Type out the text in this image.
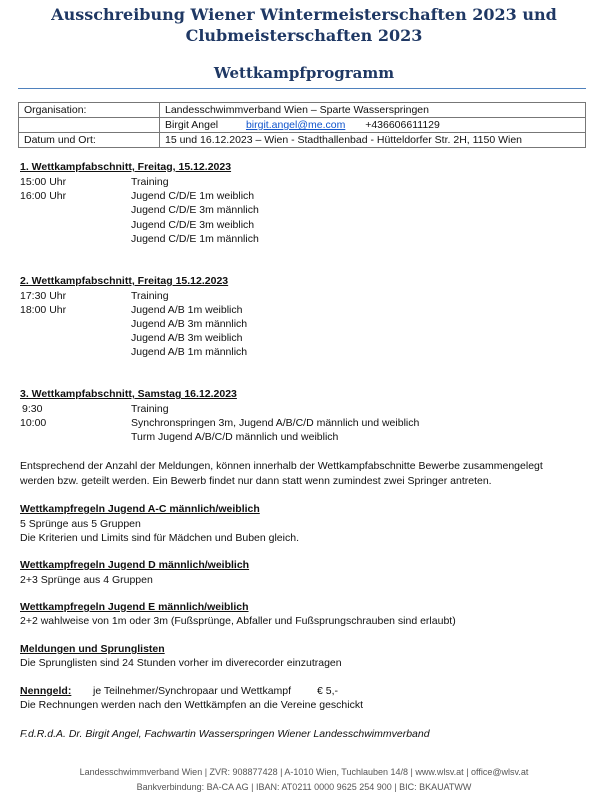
Ausschreibung Wiener Wintermeisterschaften 2023 und
Clubmeisterschaften 2023
Wettkampfprogramm
Organisation:	Landesschwimmverband Wien – Sparte Wasserspringen
	Birgit Angel birgit.angel@me.com +436606611129
Datum und Ort:	15 und 16.12.2023 – Wien - Stadthallenbad - Hütteldorfer Str. 2H, 1150 Wien
1. Wettkampfabschnitt, Freitag, 15.12.2023
15:00 Uhr	Training
16:00 Uhr	Jugend C/D/E 1m weiblich
Jugend C/D/E 3m männlich
Jugend C/D/E 3m weiblich
Jugend C/D/E 1m männlich
2. Wettkampfabschnitt, Freitag 15.12.2023
17:30 Uhr	Training
18:00 Uhr	Jugend A/B 1m weiblich
Jugend A/B 3m männlich
Jugend A/B 3m weiblich
Jugend A/B 1m männlich
3. Wettkampfabschnitt, Samstag 16.12.2023
9:30	Training
10:00	Synchronspringen 3m, Jugend A/B/C/D männlich und weiblich
Turm Jugend A/B/C/D männlich und weiblich
Entsprechend der Anzahl der Meldungen, können innerhalb der Wettkampfabschnitte Bewerbe zusammengelegt
werden bzw. geteilt werden. Ein Bewerb findet nur dann statt wenn zumindest zwei Springer antreten.
Wettkampfregeln Jugend A-C männlich/weiblich
5 Sprünge aus 5 Gruppen
Die Kriterien und Limits sind für Mädchen und Buben gleich.
Wettkampfregeln Jugend D männlich/weiblich
2+3 Sprünge aus 4 Gruppen
Wettkampfregeln Jugend E männlich/weiblich
2+2 wahlweise von 1m oder 3m (Fußsprünge, Abfaller und Fußsprungschrauben sind erlaubt)
Meldungen und Sprunglisten
Die Sprunglisten sind 24 Stunden vorher im diverecorder einzutragen
Nenngeld: je Teilnehmer/Synchropaar und Wettkampf € 5,-
Die Rechnungen werden nach den Wettkämpfen an die Vereine geschickt
F.d.R.d.A. Dr. Birgit Angel, Fachwartin Wasserspringen Wiener Landesschwimmverband
Landesschwimmverband Wien | ZVR: 908877428 | A-1010 Wien, Tuchlauben 14/8 | www.wlsv.at | office@wlsv.at
Bankverbindung: BA-CA AG | IBAN: AT0211 0000 9625 254 900 | BIC: BKAUATWW
